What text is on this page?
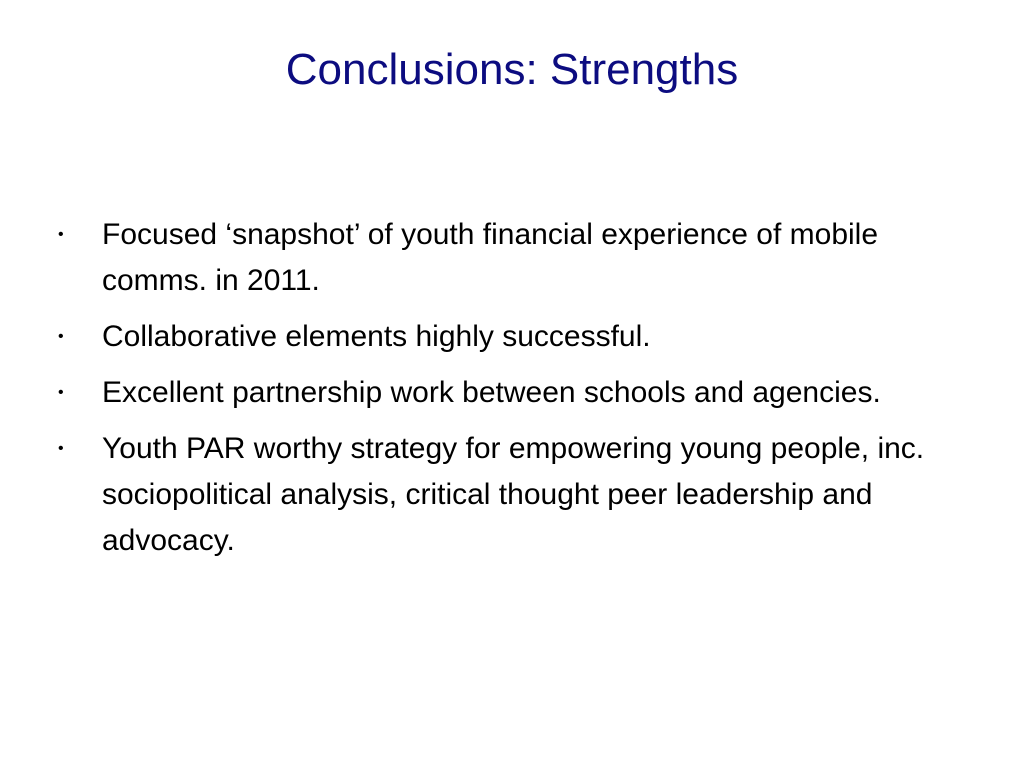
Conclusions: Strengths
• Focused ‘snapshot’ of youth financial experience of mobile comms. in 2011.
• Collaborative elements highly successful.
• Excellent partnership work between schools and agencies.
• Youth PAR worthy strategy for empowering young people, inc. sociopolitical analysis, critical thought peer leadership and advocacy.
